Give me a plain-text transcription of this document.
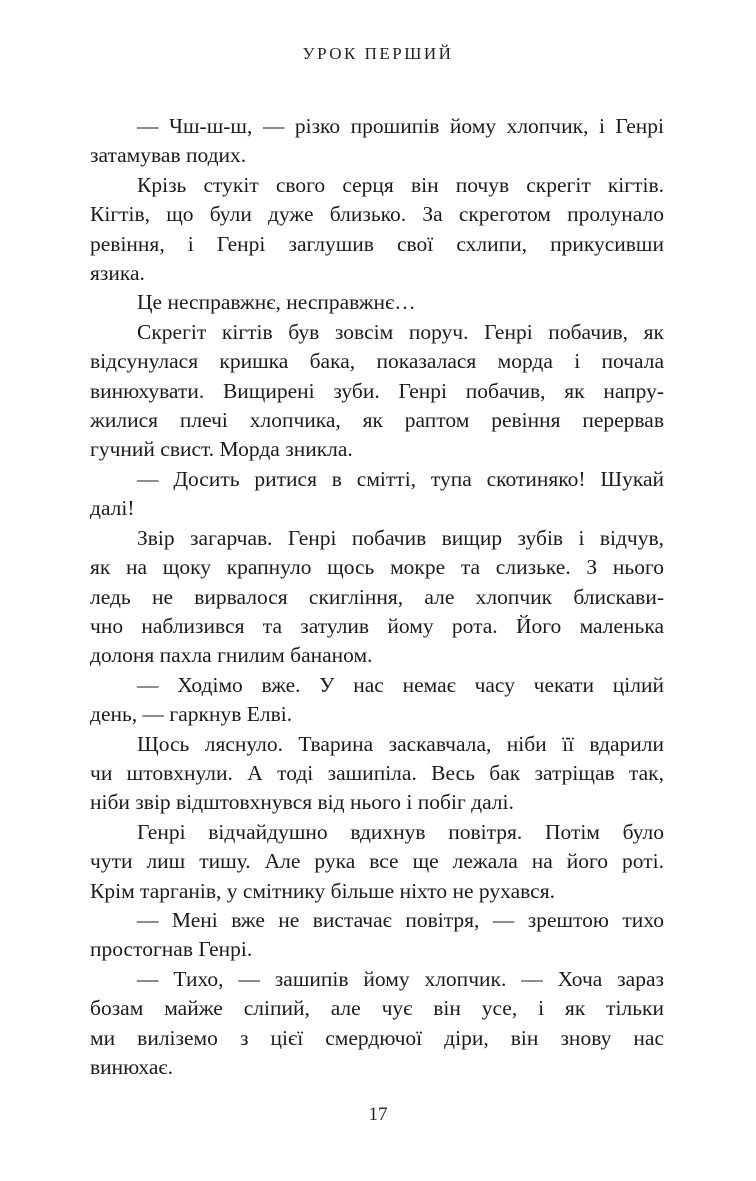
УРОК ПЕРШИЙ
— Чш-ш-ш, — різко прошипів йому хлопчик, і Генрі
затамував подих.
Крізь стукіт свого серця він почув скрегіт кігтів.
Кігтів, що були дуже близько. За скреготом пролунало
ревіння, і Генрі заглушив свої схлипи, прикусивши
язика.
Це несправжнє, несправжнє…
Скрегіт кігтів був зовсім поруч. Генрі побачив, як
відсунулася кришка бака, показалася морда і почала
винюхувати. Вищирені зуби. Генрі побачив, як напру-
жилися плечі хлопчика, як раптом ревіння перервав
гучний свист. Морда зникла.
— Досить ритися в смітті, тупа скотиняко! Шукай
далі!
Звір загарчав. Генрі побачив вищир зубів і відчув,
як на щоку крапнуло щось мокре та слизьке. З нього
ледь не вирвалося скигління, але хлопчик блискави-
чно наблизився та затулив йому рота. Його маленька
долоня пахла гнилим бананом.
— Ходімо вже. У нас немає часу чекати цілий
день, — гаркнув Елві.
Щось ляснуло. Тварина заскавчала, ніби її вдарили
чи штовхнули. А тоді зашипіла. Весь бак затріщав так,
ніби звір відштовхнувся від нього і побіг далі.
Генрі відчайдушно вдихнув повітря. Потім було
чути лиш тишу. Але рука все ще лежала на його роті.
Крім тарганів, у смітнику більше ніхто не рухався.
— Мені вже не вистачає повітря, — зрештою тихо
простогнав Генрі.
— Тихо, — зашипів йому хлопчик. — Хоча зараз
бозам майже сліпий, але чує він усе, і як тільки
ми виліземо з цієї смердючої діри, він знову нас
винюхає.
17
